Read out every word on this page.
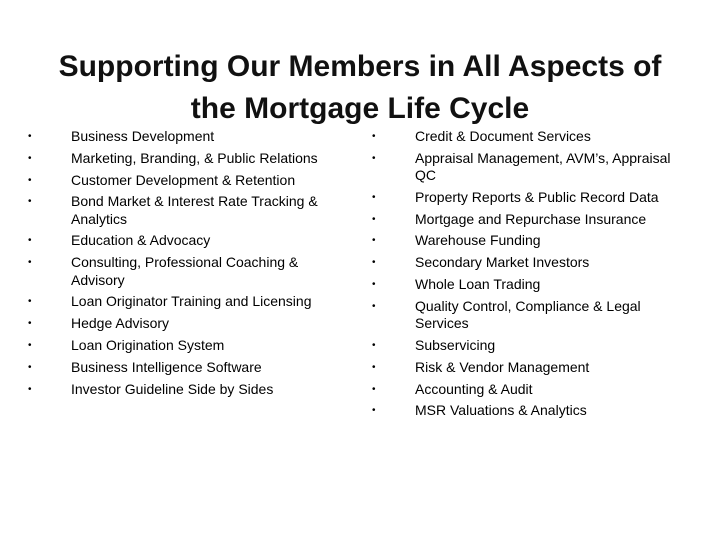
Supporting Our Members in All Aspects of
the Mortgage Life Cycle
•	Business Development
•	Marketing, Branding, & Public Relations
•	Customer Development & Retention
•	Bond Market & Interest Rate Tracking & Analytics
•	Education & Advocacy
•	Consulting, Professional Coaching & Advisory
•	Loan Originator Training and Licensing
•	Hedge Advisory
•	Loan Origination System
•	Business Intelligence Software
•	Investor Guideline Side by Sides
•	Credit & Document Services
•	Appraisal Management, AVM’s, Appraisal QC
•	Property Reports & Public Record Data
•	Mortgage and Repurchase Insurance
•	Warehouse Funding
•	Secondary Market Investors
•	Whole Loan Trading
•	Quality Control, Compliance & Legal Services
•	Subservicing
•	Risk & Vendor Management
•	Accounting & Audit
•	MSR Valuations & Analytics
